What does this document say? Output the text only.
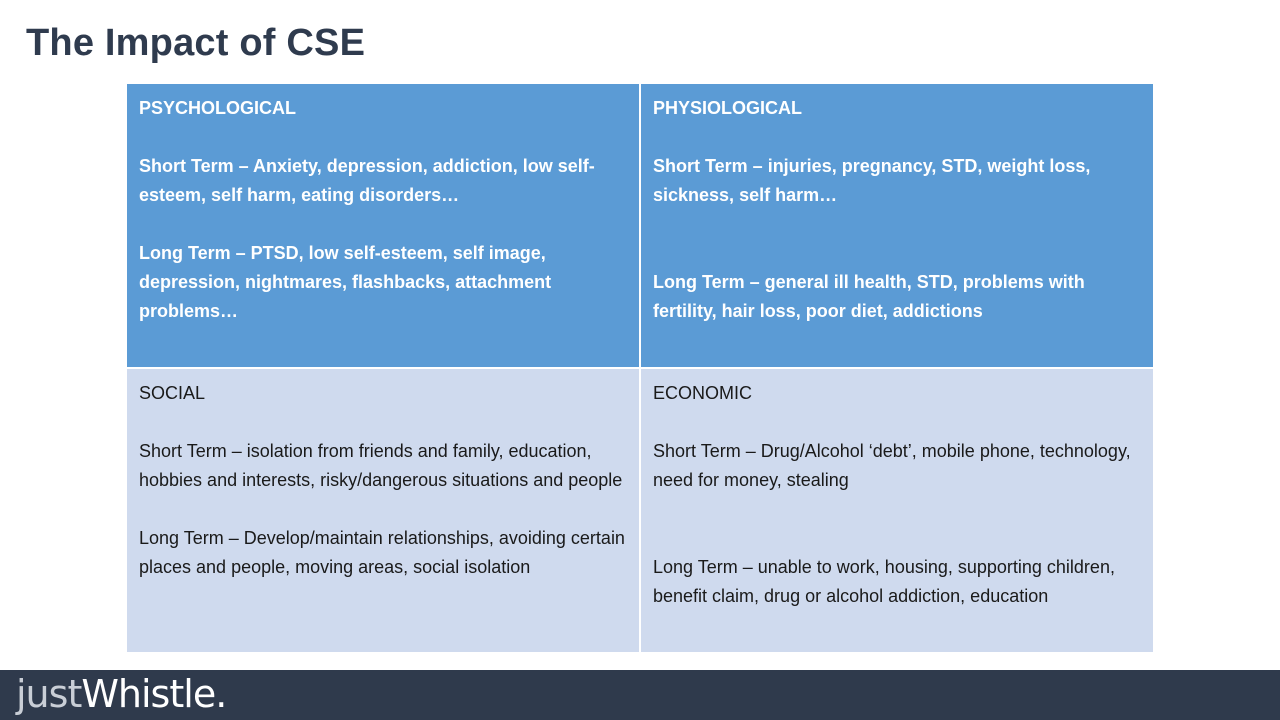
The Impact of CSE

PSYCHOLOGICAL

Short Term – Anxiety, depression, addiction, low self-esteem, self harm, eating disorders…

Long Term – PTSD, low self-esteem, self image, depression, nightmares, flashbacks, attachment problems…

PHYSIOLOGICAL

Short Term – injuries, pregnancy, STD, weight loss, sickness, self harm…

Long Term – general ill health, STD, problems with fertility, hair loss, poor diet, addictions

SOCIAL

Short Term – isolation from friends and family, education, hobbies and interests, risky/dangerous situations and people

Long Term – Develop/maintain relationships, avoiding certain places and people, moving areas, social isolation

ECONOMIC

Short Term – Drug/Alcohol ‘debt’, mobile phone, technology, need for money, stealing

Long Term – unable to work, housing, supporting children, benefit claim, drug or alcohol addiction, education

justWhistle.
